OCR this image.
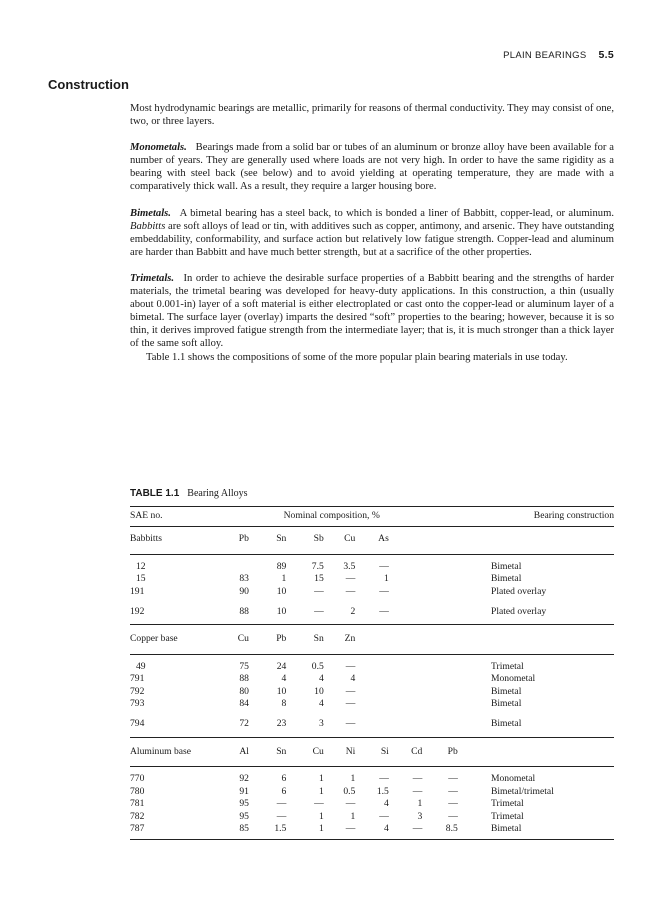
PLAIN BEARINGS 5.5
Construction

Most hydrodynamic bearings are metallic, primarily for reasons of thermal conductivity. They may consist of one, two, or three layers.

Monometals. Bearings made from a solid bar or tubes of an aluminum or bronze alloy have been available for a number of years. They are generally used where loads are not very high. In order to have the same rigidity as a bearing with steel back (see below) and to avoid yielding at operating temperature, they are made with a comparatively thick wall. As a result, they require a larger housing bore.

Bimetals. A bimetal bearing has a steel back, to which is bonded a liner of Babbitt, copper-lead, or aluminum. Babbitts are soft alloys of lead or tin, with additives such as copper, antimony, and arsenic. They have outstanding embeddability, conformability, and surface action but relatively low fatigue strength. Copper-lead and aluminum are harder than Babbitt and have much better strength, but at a sacrifice of the other properties.

Trimetals. In order to achieve the desirable surface properties of a Babbitt bearing and the strengths of harder materials, the trimetal bearing was developed for heavy-duty applications. In this construction, a thin (usually about 0.001-in) layer of a soft material is either electroplated or cast onto the copper-lead or aluminum layer of a bimetal. The surface layer (overlay) imparts the desired “soft” properties to the bearing; however, because it is so thin, it derives improved fatigue strength from the intermediate layer; that is, it is much stronger than a thick layer of the same soft alloy.

Table 1.1 shows the compositions of some of the more popular plain bearing materials in use today.

TABLE 1.1 Bearing Alloys
SAE no.	Nominal composition, %								Bearing construction
Babbitts	Pb	Sn	Sb	Cu	As				
12		89	7.5	3.5	—				Bimetal
15	83	1	15	—	1				Bimetal
191	90	10	—	—	—				Plated overlay
192	88	10	—	2	—				Plated overlay
Copper base	Cu	Pb	Sn	Zn					
49	75	24	0.5	—					Trimetal
791	88	4	4	4					Monometal
792	80	10	10	—					Bimetal
793	84	8	4	—					Bimetal
794	72	23	3	—					Bimetal
Aluminum base	Al	Sn	Cu	Ni	Si	Cd	Pb		
770	92	6	1	1	—	—	—		Monometal
780	91	6	1	0.5	1.5	—	—		Bimetal/trimetal
781	95	—	—	—	4	1	—		Trimetal
782	95	—	1	1	—	3	—		Trimetal
787	85	1.5	1	—	4	—	8.5		Bimetal
